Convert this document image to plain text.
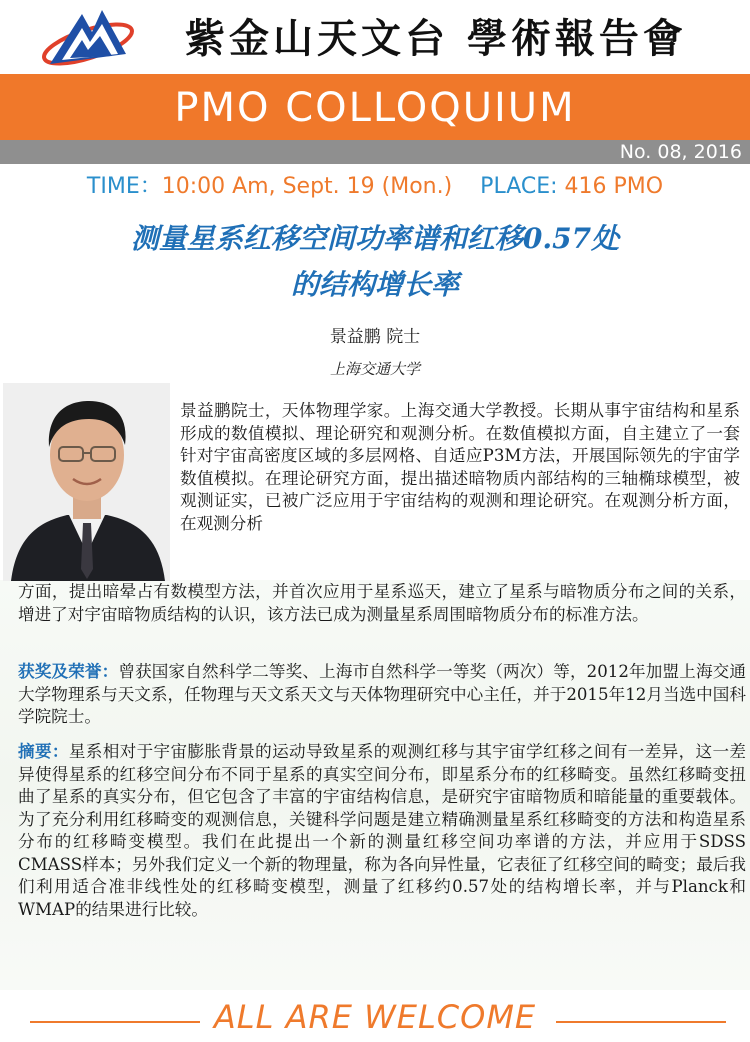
紫金山天文台 學術報告會
PMO COLLOQUIUM
No. 08, 2016
TIME：10:00 Am, Sept. 19 (Mon.) PLACE: 416 PMO
测量星系红移空间功率谱和红移0.57处
的结构增长率
景益鹏 院士
上海交通大学
景益鹏院士，天体物理学家。上海交通大学教授。长期从事宇宙结构和星系形成的数值模拟、理论研究和观测分析。在数值模拟方面，自主建立了一套针对宇宙高密度区域的多层网格、自适应P3M方法，开展国际领先的宇宙学数值模拟。在理论研究方面，提出描述暗物质内部结构的三轴椭球模型，被观测证实，已被广泛应用于宇宙结构的观测和理论研究。在观测分析方面，在观测分析
方面，提出暗晕占有数模型方法，并首次应用于星系巡天，建立了星系与暗物质分布之间的关系，增进了对宇宙暗物质结构的认识，该方法已成为测量星系周围暗物质分布的标准方法。
获奖及荣誉：曾获国家自然科学二等奖、上海市自然科学一等奖（两次）等，2012年加盟上海交通大学物理系与天文系，任物理与天文系天文与天体物理研究中心主任，并于2015年12月当选中国科学院院士。
摘要：星系相对于宇宙膨胀背景的运动导致星系的观测红移与其宇宙学红移之间有一差异，这一差异使得星系的红移空间分布不同于星系的真实空间分布，即星系分布的红移畸变。虽然红移畸变扭曲了星系的真实分布，但它包含了丰富的宇宙结构信息，是研究宇宙暗物质和暗能量的重要载体。为了充分利用红移畸变的观测信息，关键科学问题是建立精确测量星系红移畸变的方法和构造星系分布的红移畸变模型。我们在此提出一个新的测量红移空间功率谱的方法，并应用于SDSS CMASS样本；另外我们定义一个新的物理量，称为各向异性量，它表征了红移空间的畸变；最后我们利用适合准非线性处的红移畸变模型，测量了红移约0.57处的结构增长率，并与Planck和WMAP的结果进行比较。
ALL ARE WELCOME
